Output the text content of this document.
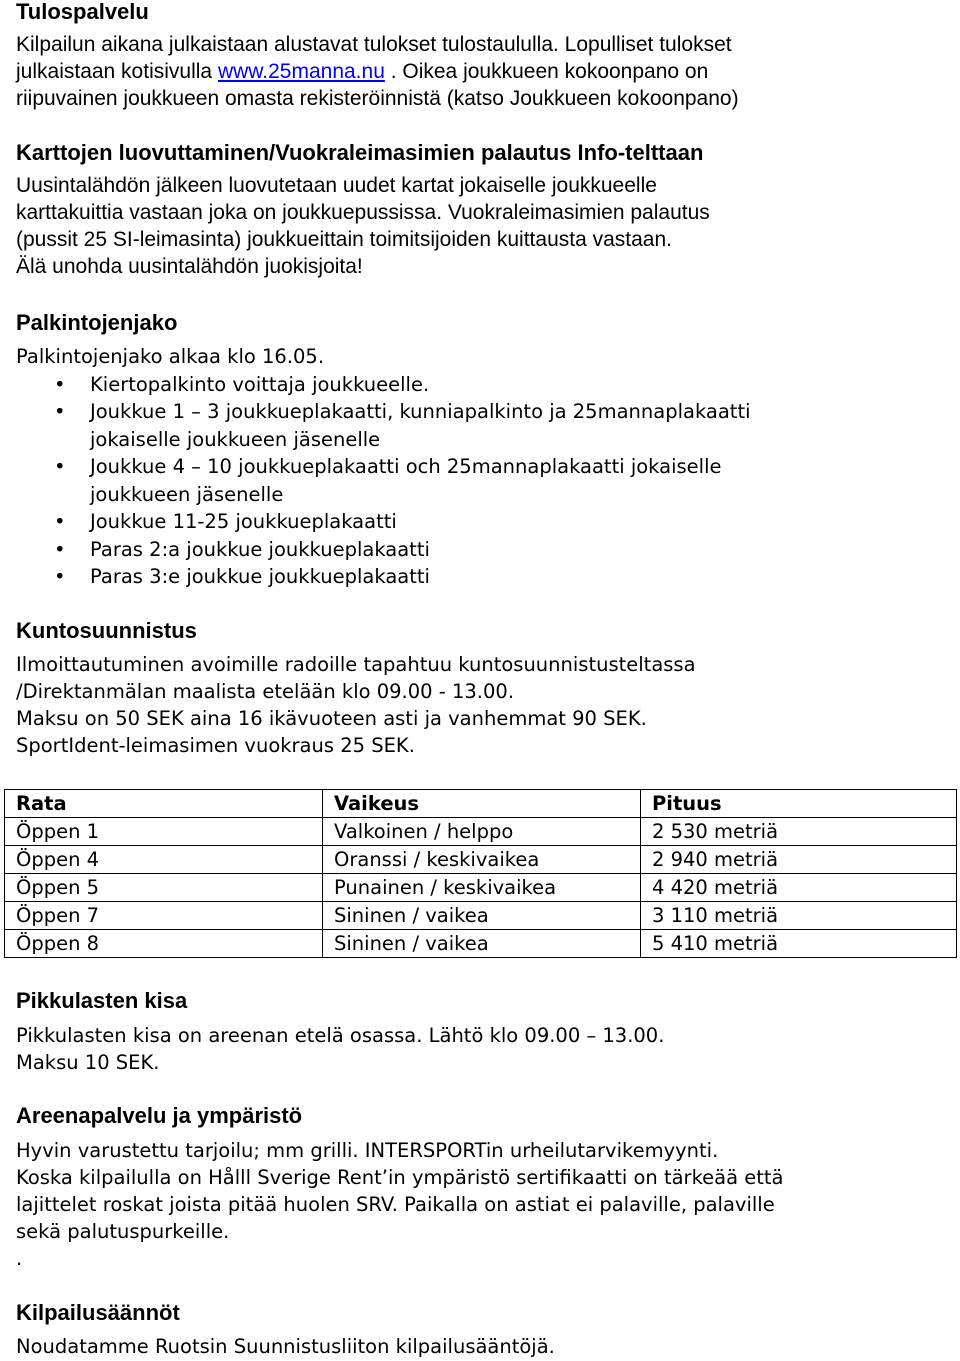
Tulospalvelu

Kilpailun aikana julkaistaan alustavat tulokset tulostaululla. Lopulliset tulokset

julkaistaan kotisivulla www.25manna.nu . Oikea joukkueen kokoonpano on

riipuvainen joukkueen omasta rekisteröinnistä (katso Joukkueen kokoonpano)

Karttojen luovuttaminen/Vuokraleimasimien palautus Info-telttaan

Uusintalähdön jälkeen luovutetaan uudet kartat jokaiselle joukkueelle

karttakuittia vastaan joka on joukkuepussissa. Vuokraleimasimien palautus

(pussit 25 SI-leimasinta) joukkueittain toimitsijoiden kuittausta vastaan.

Älä unohda uusintalähdön juokisjoita!

Palkintojenjako

Palkintojenjako alkaa klo 16.05.

• Kiertopalkinto voittaja joukkueelle.
• Joukkue 1 – 3 joukkueplakaatti, kunniapalkinto ja 25mannaplakaatti
jokaiselle joukkueen jäsenelle
• Joukkue 4 – 10 joukkueplakaatti och 25mannaplakaatti jokaiselle
joukkueen jäsenelle
• Joukkue 11-25 joukkueplakaatti
• Paras 2:a joukkue joukkueplakaatti
• Paras 3:e joukkue joukkueplakaatti
Kuntosuunnistus

Ilmoittautuminen avoimille radoille tapahtuu kuntosuunnistusteltassa

/Direktanmälan maalista etelään klo 09.00 - 13.00.

Maksu on 50 SEK aina 16 ikävuoteen asti ja vanhemmat 90 SEK.

SportIdent-leimasimen vuokraus 25 SEK.

Pikkulasten kisa

Pikkulasten kisa on areenan etelä osassa. Lähtö klo 09.00 – 13.00.

Maksu 10 SEK.

Areenapalvelu ja ympäristö

Hyvin varustettu tarjoilu; mm grilli. INTERSPORTin urheilutarvikemyynti.

Koska kilpailulla on Hålll Sverige Rent’in ympäristö sertifikaatti on tärkeää että

lajittelet roskat joista pitää huolen SRV. Paikalla on astiat ei palaville, palaville

sekä palutuspurkeille.

.

Kilpailusäännöt

Noudatamme Ruotsin Suunnistusliiton kilpailusääntöjä.

Rata	Vaikeus	Pituus
Öppen 1	Valkoinen / helppo	2 530 metriä
Öppen 4	Oranssi / keskivaikea	2 940 metriä
Öppen 5	Punainen / keskivaikea	4 420 metriä
Öppen 7	Sininen / vaikea	3 110 metriä
Öppen 8	Sininen / vaikea	5 410 metriä
